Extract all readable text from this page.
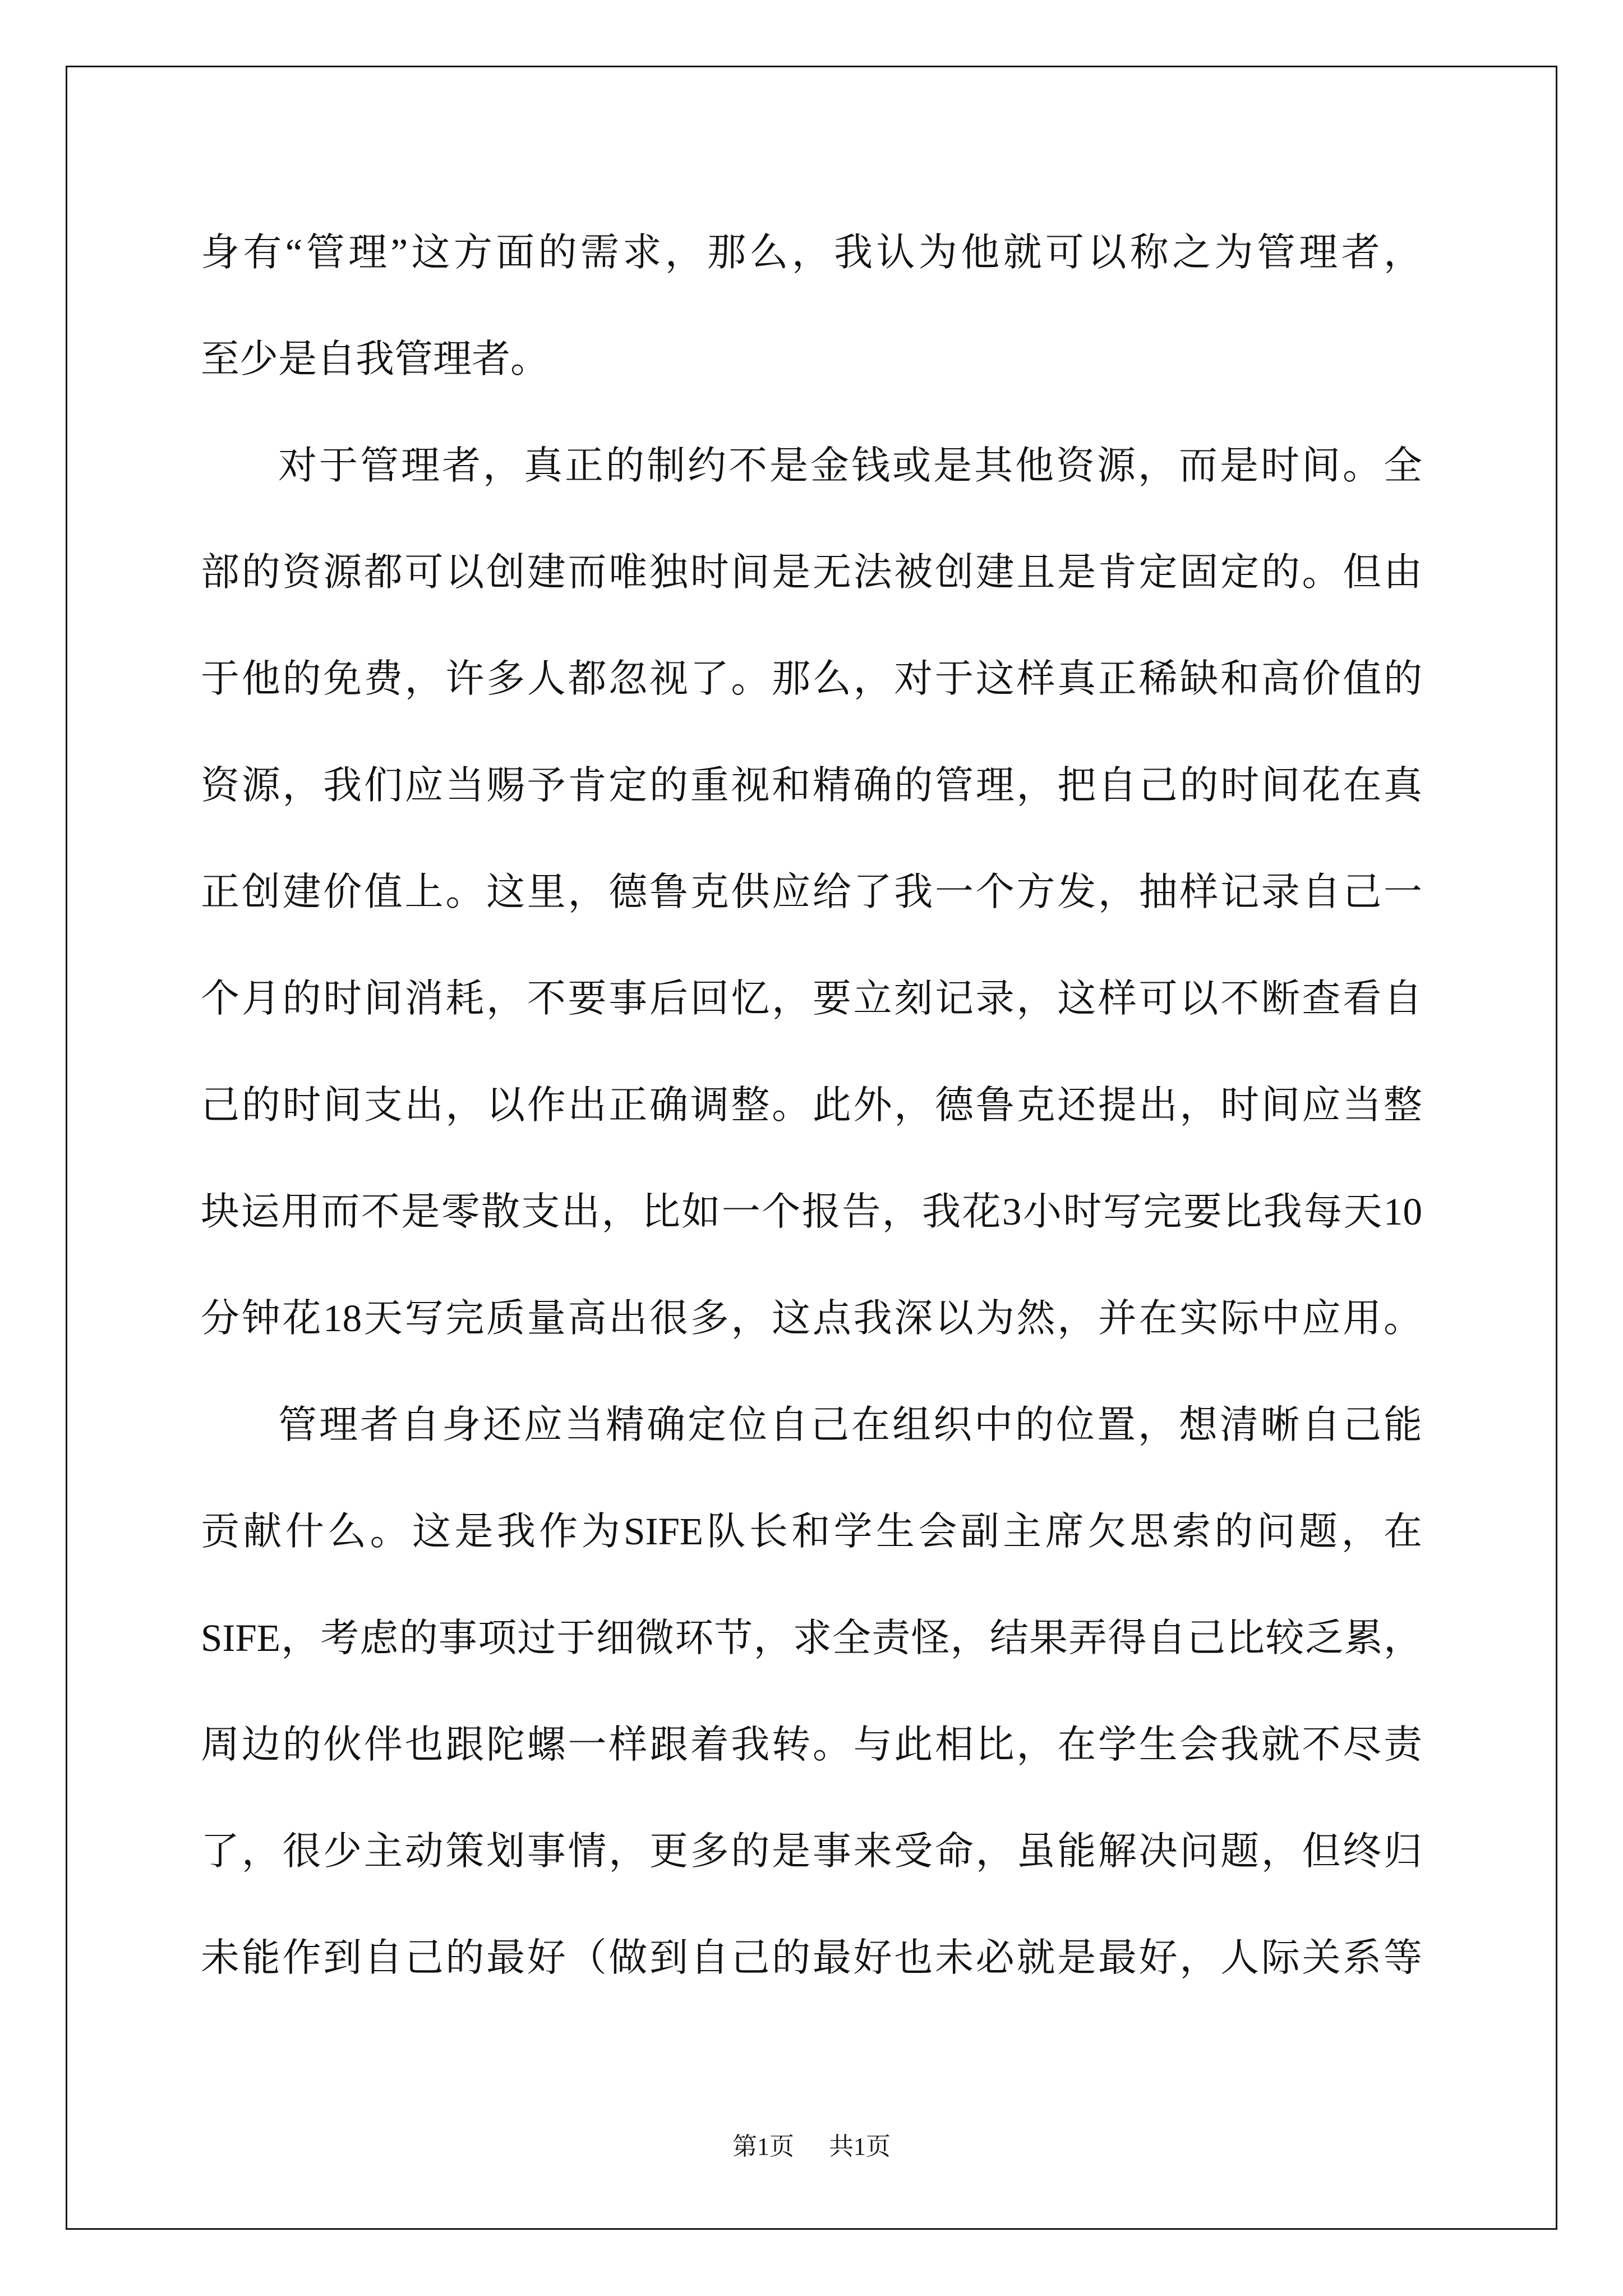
身有“管理”这方面的需求，那么，我认为他就可以称之为管理者，
至少是自我管理者。
对于管理者，真正的制约不是金钱或是其他资源，而是时间。全
部的资源都可以创建而唯独时间是无法被创建且是肯定固定的。但由
于他的免费，许多人都忽视了。那么，对于这样真正稀缺和高价值的
资源，我们应当赐予肯定的重视和精确的管理，把自己的时间花在真
正创建价值上。这里，德鲁克供应给了我一个方发，抽样记录自己一
个月的时间消耗，不要事后回忆，要立刻记录，这样可以不断查看自
己的时间支出，以作出正确调整。此外，德鲁克还提出，时间应当整
块运用而不是零散支出，比如一个报告，我花3小时写完要比我每天10
分钟花18天写完质量高出很多，这点我深以为然，并在实际中应用。
管理者自身还应当精确定位自己在组织中的位置，想清晰自己能
贡献什么。这是我作为SIFE队长和学生会副主席欠思索的问题，在
SIFE，考虑的事项过于细微环节，求全责怪，结果弄得自己比较乏累，
周边的伙伴也跟陀螺一样跟着我转。与此相比，在学生会我就不尽责
了，很少主动策划事情，更多的是事来受命，虽能解决问题，但终归
未能作到自己的最好（做到自己的最好也未必就是最好，人际关系等
第1页 共1页
